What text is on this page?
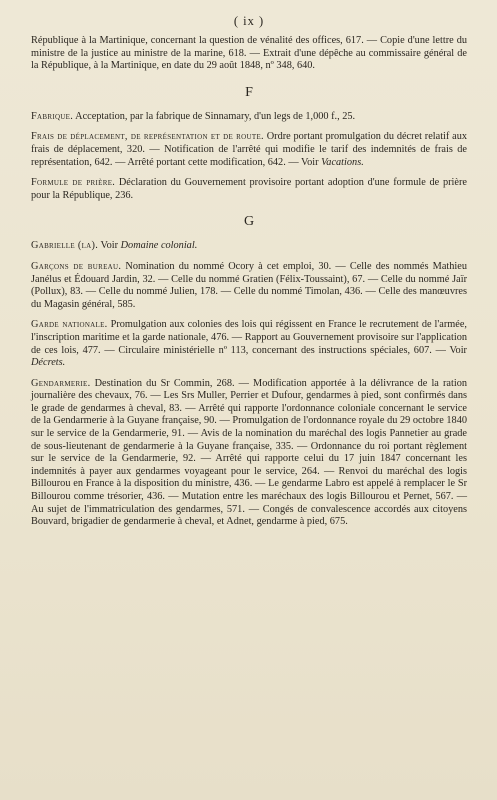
( ix )

République à la Martinique, concernant la question de vénalité des offices, 617. — Copie d'une lettre du ministre de la justice au ministre de la marine, 618. — Extrait d'une dépêche au commissaire général de la République, à la Martinique, en date du 29 août 1848, nº 348, 640.

F

Fabrique. Acceptation, par la fabrique de Sinnamary, d'un legs de 1,000 f., 25.

Frais de déplacement, de représentation et de route. Ordre portant promulgation du décret relatif aux frais de déplacement, 320. — Notification de l'arrêté qui modifie le tarif des indemnités de frais de représentation, 642. — Arrêté portant cette modification, 642. — Voir Vacations.

Formule de prière. Déclaration du Gouvernement provisoire portant adoption d'une formule de prière pour la République, 236.

G

Gabrielle (la). Voir Domaine colonial.

Garçons de bureau. Nomination du nommé Ocory à cet emploi, 30. — Celle des nommés Mathieu Janélus et Édouard Jardin, 32. — Celle du nommé Gratien (Félix-Toussaint), 67. — Celle du nommé Jaïr (Pollux), 83. — Celle du nommé Julien, 178. — Celle du nommé Timolan, 436. — Celle des manœuvres du Magasin général, 585.

Garde nationale. Promulgation aux colonies des lois qui régissent en France le recrutement de l'armée, l'inscription maritime et la garde nationale, 476. — Rapport au Gouvernement provisoire sur l'application de ces lois, 477. — Circulaire ministérielle nº 113, concernant des instructions spéciales, 607. — Voir Décrets.

Gendarmerie. Destination du Sr Commin, 268. — Modification apportée à la délivrance de la ration journalière des chevaux, 76. — Les Srs Muller, Perrier et Dufour, gendarmes à pied, sont confirmés dans le grade de gendarmes à cheval, 83. — Arrêté qui rapporte l'ordonnance coloniale concernant le service de la Gendarmerie à la Guyane française, 90. — Promulgation de l'ordonnance royale du 29 octobre 1840 sur le service de la Gendarmerie, 91. — Avis de la nomination du maréchal des logis Pannetier au grade de sous-lieutenant de gendarmerie à la Guyane française, 335. — Ordonnance du roi portant règlement sur le service de la Gendarmerie, 92. — Arrêté qui rapporte celui du 17 juin 1847 concernant les indemnités à payer aux gendarmes voyageant pour le service, 264. — Renvoi du maréchal des logis Billourou en France à la disposition du ministre, 436. — Le gendarme Labro est appelé à remplacer le Sr Billourou comme trésorier, 436. — Mutation entre les maréchaux des logis Billourou et Pernet, 567. — Au sujet de l'immatriculation des gendarmes, 571. — Congés de convalescence accordés aux citoyens Bouvard, brigadier de gendarmerie à cheval, et Adnet, gendarme à pied, 675.
